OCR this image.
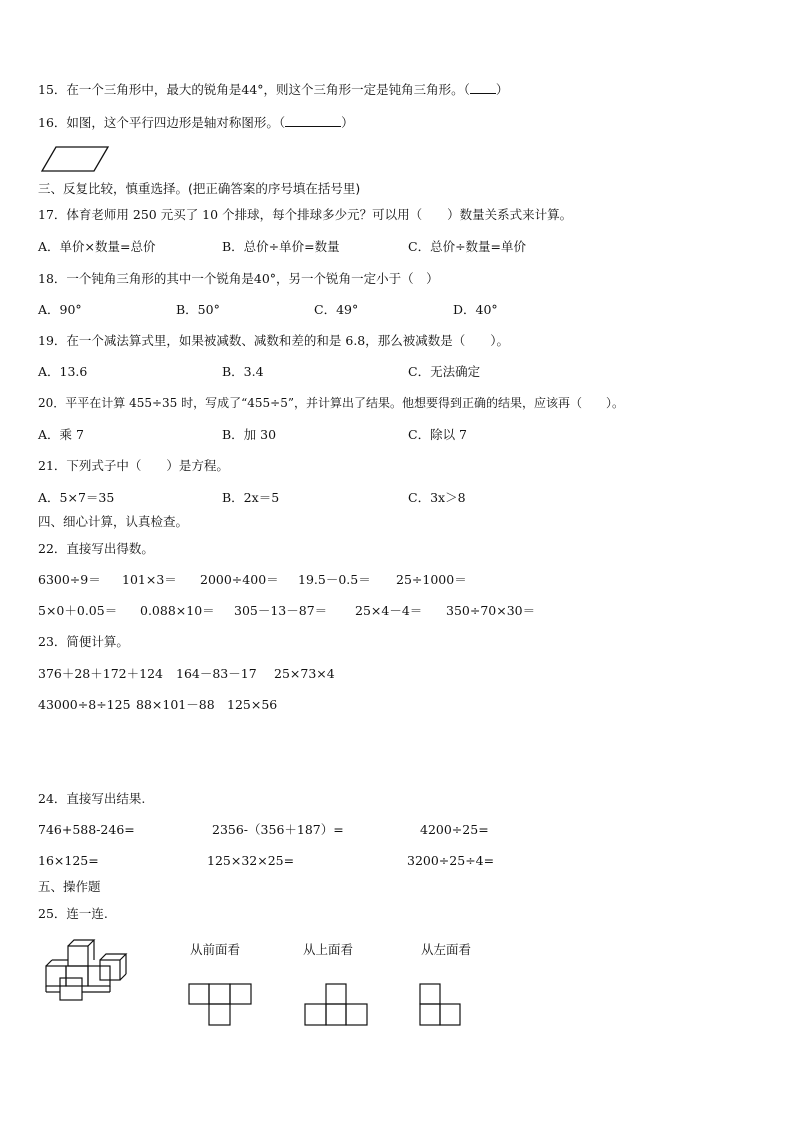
15．在一个三角形中，最大的锐角是44°，则这个三角形一定是钝角三角形。（ ）
16．如图，这个平行四边形是轴对称图形。（	）
三、反复比较，慎重选择。(把正确答案的序号填在括号里)
17．体育老师用 250 元买了 10 个排球，每个排球多少元？可以用（　　）数量关系式来计算。
A．单价×数量=总价	B．总价÷单价=数量	C．总价÷数量=单价
18．一个钝角三角形的其中一个锐角是40°，另一个锐角一定小于（　）
A．90°	B．50°	C．49°	D．40°
19．在一个减法算式里，如果被减数、减数和差的和是 6.8，那么被减数是（　　）。
A．13.6	B．3.4	C．无法确定
20．平平在计算 455÷35 时，写成了“455÷5”，并计算出了结果。他想要得到正确的结果，应该再（　　）。
A．乘 7	B．加 30	C．除以 7
21．下列式子中（　　）是方程。
A．5×7＝35	B．2x＝5	C．3x＞8
四、细心计算，认真检查。
22．直接写出得数。
6300÷9＝ 101×3＝ 2000÷400＝ 19.5－0.5＝ 25÷1000＝
5×0＋0.05＝ 0.088×10＝ 305－13－87＝ 25×4－4＝ 350÷70×30＝
23．简便计算。
376＋28＋172＋124 164－83－17 25×73×4
43000÷8÷125 88×101－88 125×56
24．直接写出结果.
746+588-246=	2356-（356＋187）=	4200÷25=
16×125=	125×32×25=	3200÷25÷4=
五、操作题
25．连一连.
从前面看	从上面看	从左面看
